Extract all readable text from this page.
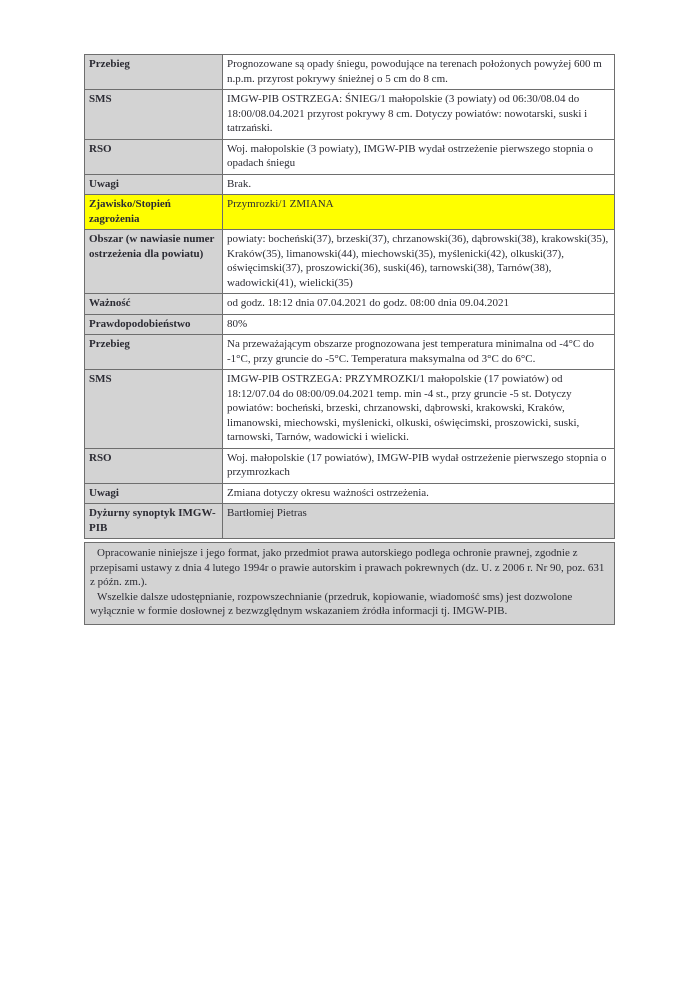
Przebieg	Prognozowane są opady śniegu, powodujące na terenach położonych powyżej 600 m n.p.m. przyrost pokrywy śnieżnej o 5 cm do 8 cm.
SMS	IMGW-PIB OSTRZEGA: ŚNIEG/1 małopolskie (3 powiaty) od 06:30/08.04 do 18:00/08.04.2021 przyrost pokrywy 8 cm. Dotyczy powiatów: nowotarski, suski i tatrzański.
RSO	Woj. małopolskie (3 powiaty), IMGW-PIB wydał ostrzeżenie pierwszego stopnia o opadach śniegu
Uwagi	Brak.
Zjawisko/Stopień zagrożenia	Przymrozki/1 ZMIANA
Obszar (w nawiasie numer ostrzeżenia dla powiatu)	powiaty: bocheński(37), brzeski(37), chrzanowski(36), dąbrowski(38), krakowski(35), Kraków(35), limanowski(44), miechowski(35), myślenicki(42), olkuski(37), oświęcimski(37), proszowicki(36), suski(46), tarnowski(38), Tarnów(38), wadowicki(41), wielicki(35)
Ważność	od godz. 18:12 dnia 07.04.2021 do godz. 08:00 dnia 09.04.2021
Prawdopodobieństwo	80%
Przebieg	Na przeważającym obszarze prognozowana jest temperatura minimalna od -4°C do -1°C, przy gruncie do -5°C. Temperatura maksymalna od 3°C do 6°C.
SMS	IMGW-PIB OSTRZEGA: PRZYMROZKI/1 małopolskie (17 powiatów) od 18:12/07.04 do 08:00/09.04.2021 temp. min -4 st., przy gruncie -5 st. Dotyczy powiatów: bocheński, brzeski, chrzanowski, dąbrowski, krakowski, Kraków, limanowski, miechowski, myślenicki, olkuski, oświęcimski, proszowicki, suski, tarnowski, Tarnów, wadowicki i wielicki.
RSO	Woj. małopolskie (17 powiatów), IMGW-PIB wydał ostrzeżenie pierwszego stopnia o przymrozkach
Uwagi	Zmiana dotyczy okresu ważności ostrzeżenia.
Dyżurny synoptyk IMGW-PIB	Bartłomiej Pietras

Opracowanie niniejsze i jego format, jako przedmiot prawa autorskiego podlega ochronie prawnej, zgodnie z przepisami ustawy z dnia 4 lutego 1994r o prawie autorskim i prawach pokrewnych (dz. U. z 2006 r. Nr 90, poz. 631 z późn. zm.).

Wszelkie dalsze udostępnianie, rozpowszechnianie (przedruk, kopiowanie, wiadomość sms) jest dozwolone wyłącznie w formie dosłownej z bezwzględnym wskazaniem źródła informacji tj. IMGW-PIB.
